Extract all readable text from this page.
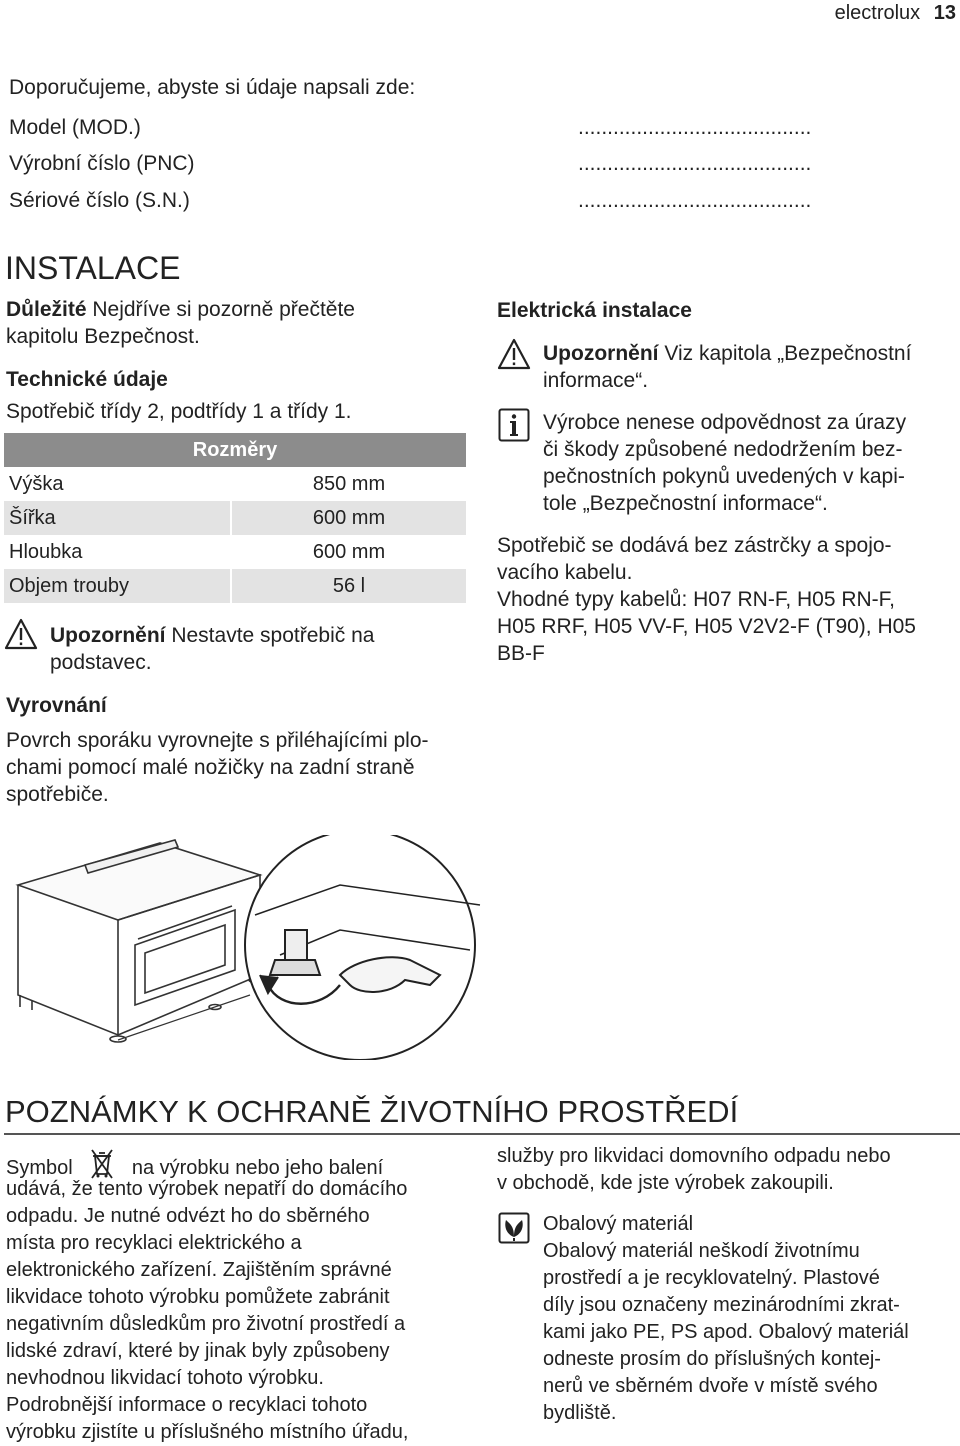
electrolux 13
Doporučujeme, abyste si údaje napsali zde:
Model (MOD.)	........................................
Výrobní číslo (PNC)	........................................
Sériové číslo (S.N.)	........................................
INSTALACE
Důležité Nejdříve si pozorně přečtěte
kapitolu Bezpečnost.
Technické údaje
Spotřebič třídy 2, podtřídy 1 a třídy 1.
Rozměry
Výška	850 mm
Šířka	600 mm
Hloubka	600 mm
Objem trouby	56 l
Upozornění Nestavte spotřebič na
podstavec.
Vyrovnání
Povrch sporáku vyrovnejte s přiléhajícími plo-
chami pomocí malé nožičky na zadní straně
spotřebiče.
Elektrická instalace
Upozornění Viz kapitola „Bezpečnostní
informace“.
Výrobce nenese odpovědnost za úrazy
či škody způsobené nedodržením bez-
pečnostních pokynů uvedených v kapi-
tole „Bezpečnostní informace“.
Spotřebič se dodává bez zástrčky a spojo-
vacího kabelu.
Vhodné typy kabelů: H07 RN-F, H05 RN-F,
H05 RRF, H05 VV-F, H05 V2V2-F (T90), H05
BB-F
POZNÁMKY K OCHRANĚ ŽIVOTNÍHO PROSTŘEDÍ
Symbol	na výrobku nebo jeho balení
udává, že tento výrobek nepatří do domácího
odpadu. Je nutné odvézt ho do sběrného
místa pro recyklaci elektrického a
elektronického zařízení. Zajištěním správné
likvidace tohoto výrobku pomůžete zabránit
negativním důsledkům pro životní prostředí a
lidské zdraví, které by jinak byly způsobeny
nevhodnou likvidací tohoto výrobku.
Podrobnější informace o recyklaci tohoto
výrobku zjistíte u příslušného místního úřadu,
služby pro likvidaci domovního odpadu nebo
v obchodě, kde jste výrobek zakoupili.
Obalový materiál
Obalový materiál neškodí životnímu
prostředí a je recyklovatelný. Plastové
díly jsou označeny mezinárodními zkrat-
kami jako PE, PS apod. Obalový materiál
odneste prosím do příslušných kontej-
nerů ve sběrném dvoře v místě svého
bydliště.
